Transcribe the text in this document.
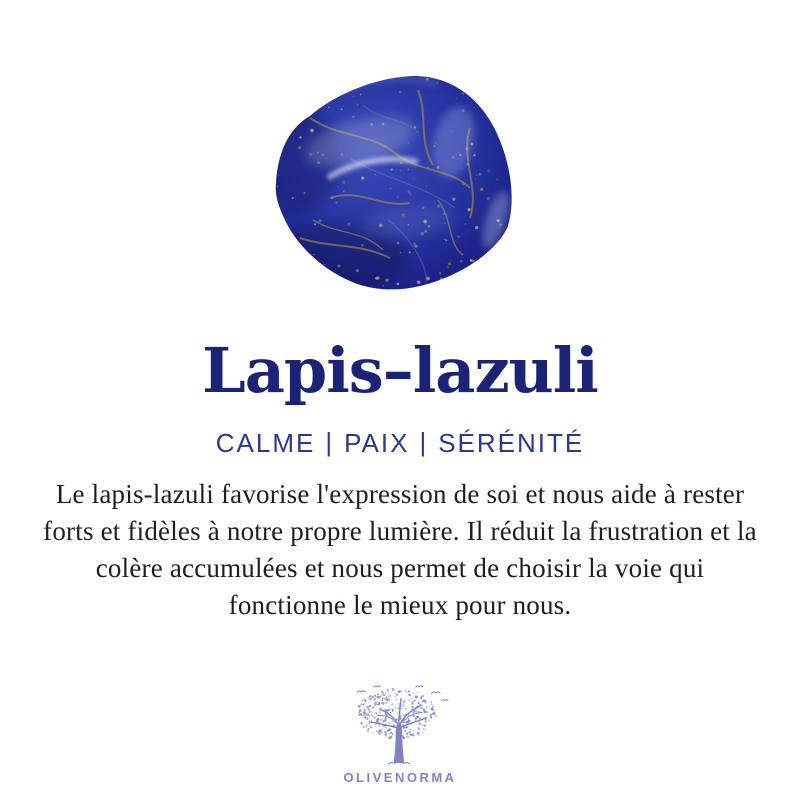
Lapis–lazuli
CALME | PAIX | SÉRÉNITÉ

Le lapis-lazuli favorise l'expression de soi et nous aide à rester forts et fidèles à notre propre lumière. Il réduit la frustration et la colère accumulées et nous permet de choisir la voie qui fonctionne le mieux pour nous.

OLIVENORMA
